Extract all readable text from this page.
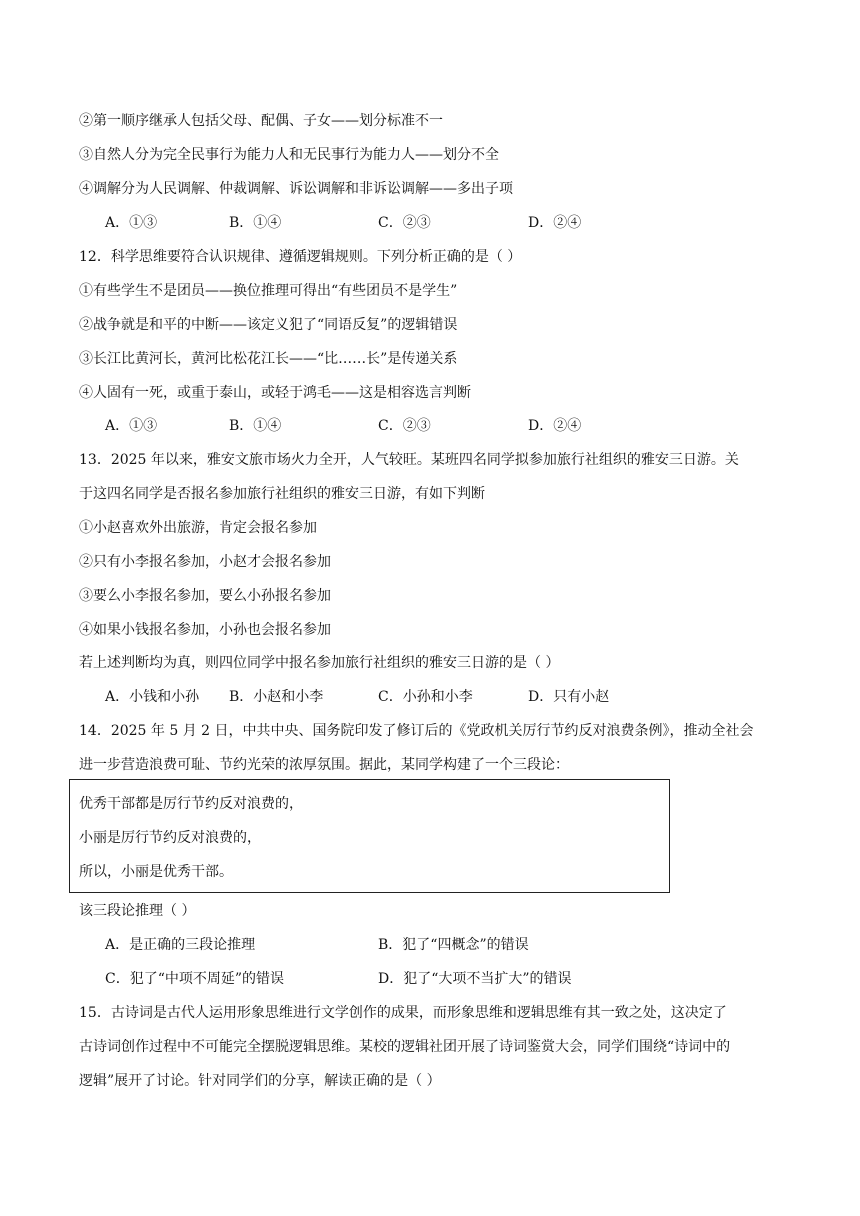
②第一顺序继承人包括父母、配偶、子女——划分标准不一
③自然人分为完全民事行为能力人和无民事行为能力人——划分不全
④调解分为人民调解、仲裁调解、诉讼调解和非诉讼调解——多出子项
A．①③	B．①④	C．②③	D．②④
12．科学思维要符合认识规律、遵循逻辑规则。下列分析正确的是（ ）
①有些学生不是团员——换位推理可得出“有些团员不是学生”
②战争就是和平的中断——该定义犯了“同语反复”的逻辑错误
③长江比黄河长，黄河比松花江长——“比……长”是传递关系
④人固有一死，或重于泰山，或轻于鸿毛——这是相容选言判断
A．①③	B．①④	C．②③	D．②④
13．2025 年以来，雅安文旅市场火力全开，人气较旺。某班四名同学拟参加旅行社组织的雅安三日游。关
于这四名同学是否报名参加旅行社组织的雅安三日游，有如下判断
①小赵喜欢外出旅游，肯定会报名参加
②只有小李报名参加，小赵才会报名参加
③要么小李报名参加，要么小孙报名参加
④如果小钱报名参加，小孙也会报名参加
若上述判断均为真，则四位同学中报名参加旅行社组织的雅安三日游的是（ ）
A．小钱和小孙 B．小赵和小李	C．小孙和小李	D．只有小赵
14．2025 年 5 月 2 日，中共中央、国务院印发了修订后的《党政机关厉行节约反对浪费条例》，推动全社会
进一步营造浪费可耻、节约光荣的浓厚氛围。据此，某同学构建了一个三段论：
优秀干部都是厉行节约反对浪费的，
小丽是厉行节约反对浪费的，
所以，小丽是优秀干部。
该三段论推理（ ）
A．是正确的三段论推理	B．犯了“四概念”的错误
C．犯了“中项不周延”的错误	D．犯了“大项不当扩大”的错误
15．古诗词是古代人运用形象思维进行文学创作的成果，而形象思维和逻辑思维有其一致之处，这决定了
古诗词创作过程中不可能完全摆脱逻辑思维。某校的逻辑社团开展了诗词鉴赏大会，同学们围绕“诗词中的
逻辑”展开了讨论。针对同学们的分享，解读正确的是（ ）
